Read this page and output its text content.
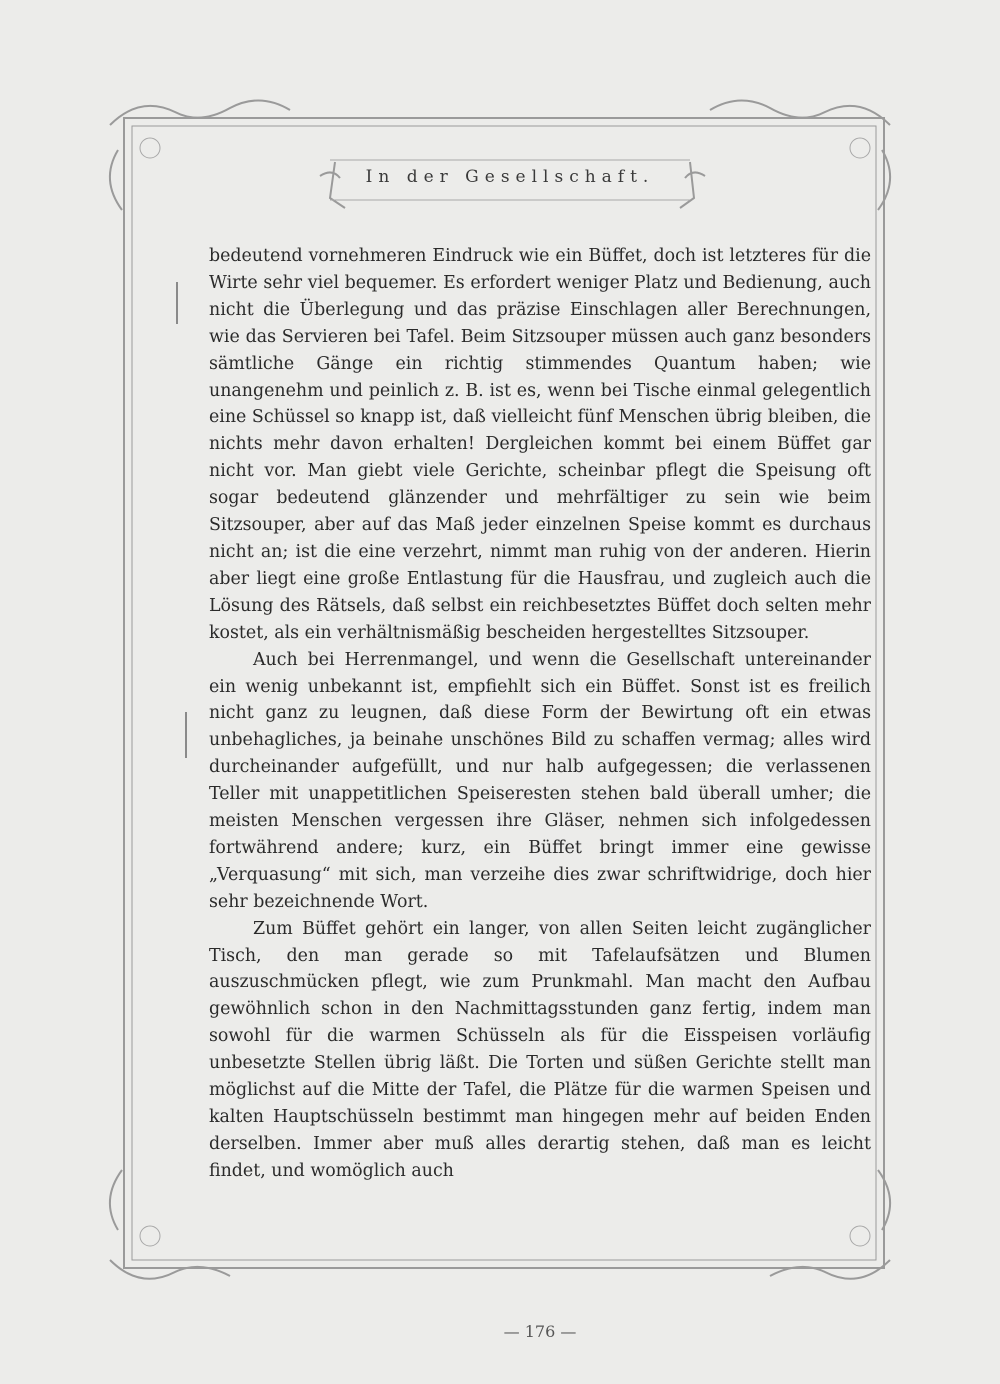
In der Gesellschaft.

bedeutend vornehmeren Eindruck wie ein Büffet, doch ist letzteres für die Wirte sehr viel bequemer. Es erfordert weniger Platz und Bedienung, auch nicht die Überlegung und das präzise Einschlagen aller Berechnungen, wie das Servieren bei Tafel. Beim Sitzsouper müssen auch ganz besonders sämtliche Gänge ein richtig stimmendes Quantum haben; wie unangenehm und peinlich z. B. ist es, wenn bei Tische einmal gelegentlich eine Schüssel so knapp ist, daß vielleicht fünf Menschen übrig bleiben, die nichts mehr davon erhalten! Dergleichen kommt bei einem Büffet gar nicht vor. Man giebt viele Gerichte, scheinbar pflegt die Speisung oft sogar bedeutend glänzender und mehrfältiger zu sein wie beim Sitzsouper, aber auf das Maß jeder einzelnen Speise kommt es durchaus nicht an; ist die eine verzehrt, nimmt man ruhig von der anderen. Hierin aber liegt eine große Entlastung für die Hausfrau, und zugleich auch die Lösung des Rätsels, daß selbst ein reichbesetztes Büffet doch selten mehr kostet, als ein verhältnismäßig bescheiden hergestelltes Sitzsouper.

Auch bei Herrenmangel, und wenn die Gesellschaft untereinander ein wenig unbekannt ist, empfiehlt sich ein Büffet. Sonst ist es freilich nicht ganz zu leugnen, daß diese Form der Bewirtung oft ein etwas unbehagliches, ja beinahe unschönes Bild zu schaffen vermag; alles wird durcheinander aufgefüllt, und nur halb aufgegessen; die verlassenen Teller mit unappetitlichen Speiseresten stehen bald überall umher; die meisten Menschen vergessen ihre Gläser, nehmen sich infolgedessen fortwährend andere; kurz, ein Büffet bringt immer eine gewisse „Verquasung“ mit sich, man verzeihe dies zwar schriftwidrige, doch hier sehr bezeichnende Wort.

Zum Büffet gehört ein langer, von allen Seiten leicht zugänglicher Tisch, den man gerade so mit Tafelaufsätzen und Blumen auszuschmücken pflegt, wie zum Prunkmahl. Man macht den Aufbau gewöhnlich schon in den Nachmittagsstunden ganz fertig, indem man sowohl für die warmen Schüsseln als für die Eisspeisen vorläufig unbesetzte Stellen übrig läßt. Die Torten und süßen Gerichte stellt man möglichst auf die Mitte der Tafel, die Plätze für die warmen Speisen und kalten Hauptschüsseln bestimmt man hingegen mehr auf beiden Enden derselben. Immer aber muß alles derartig stehen, daß man es leicht findet, und womöglich auch

— 176 —
